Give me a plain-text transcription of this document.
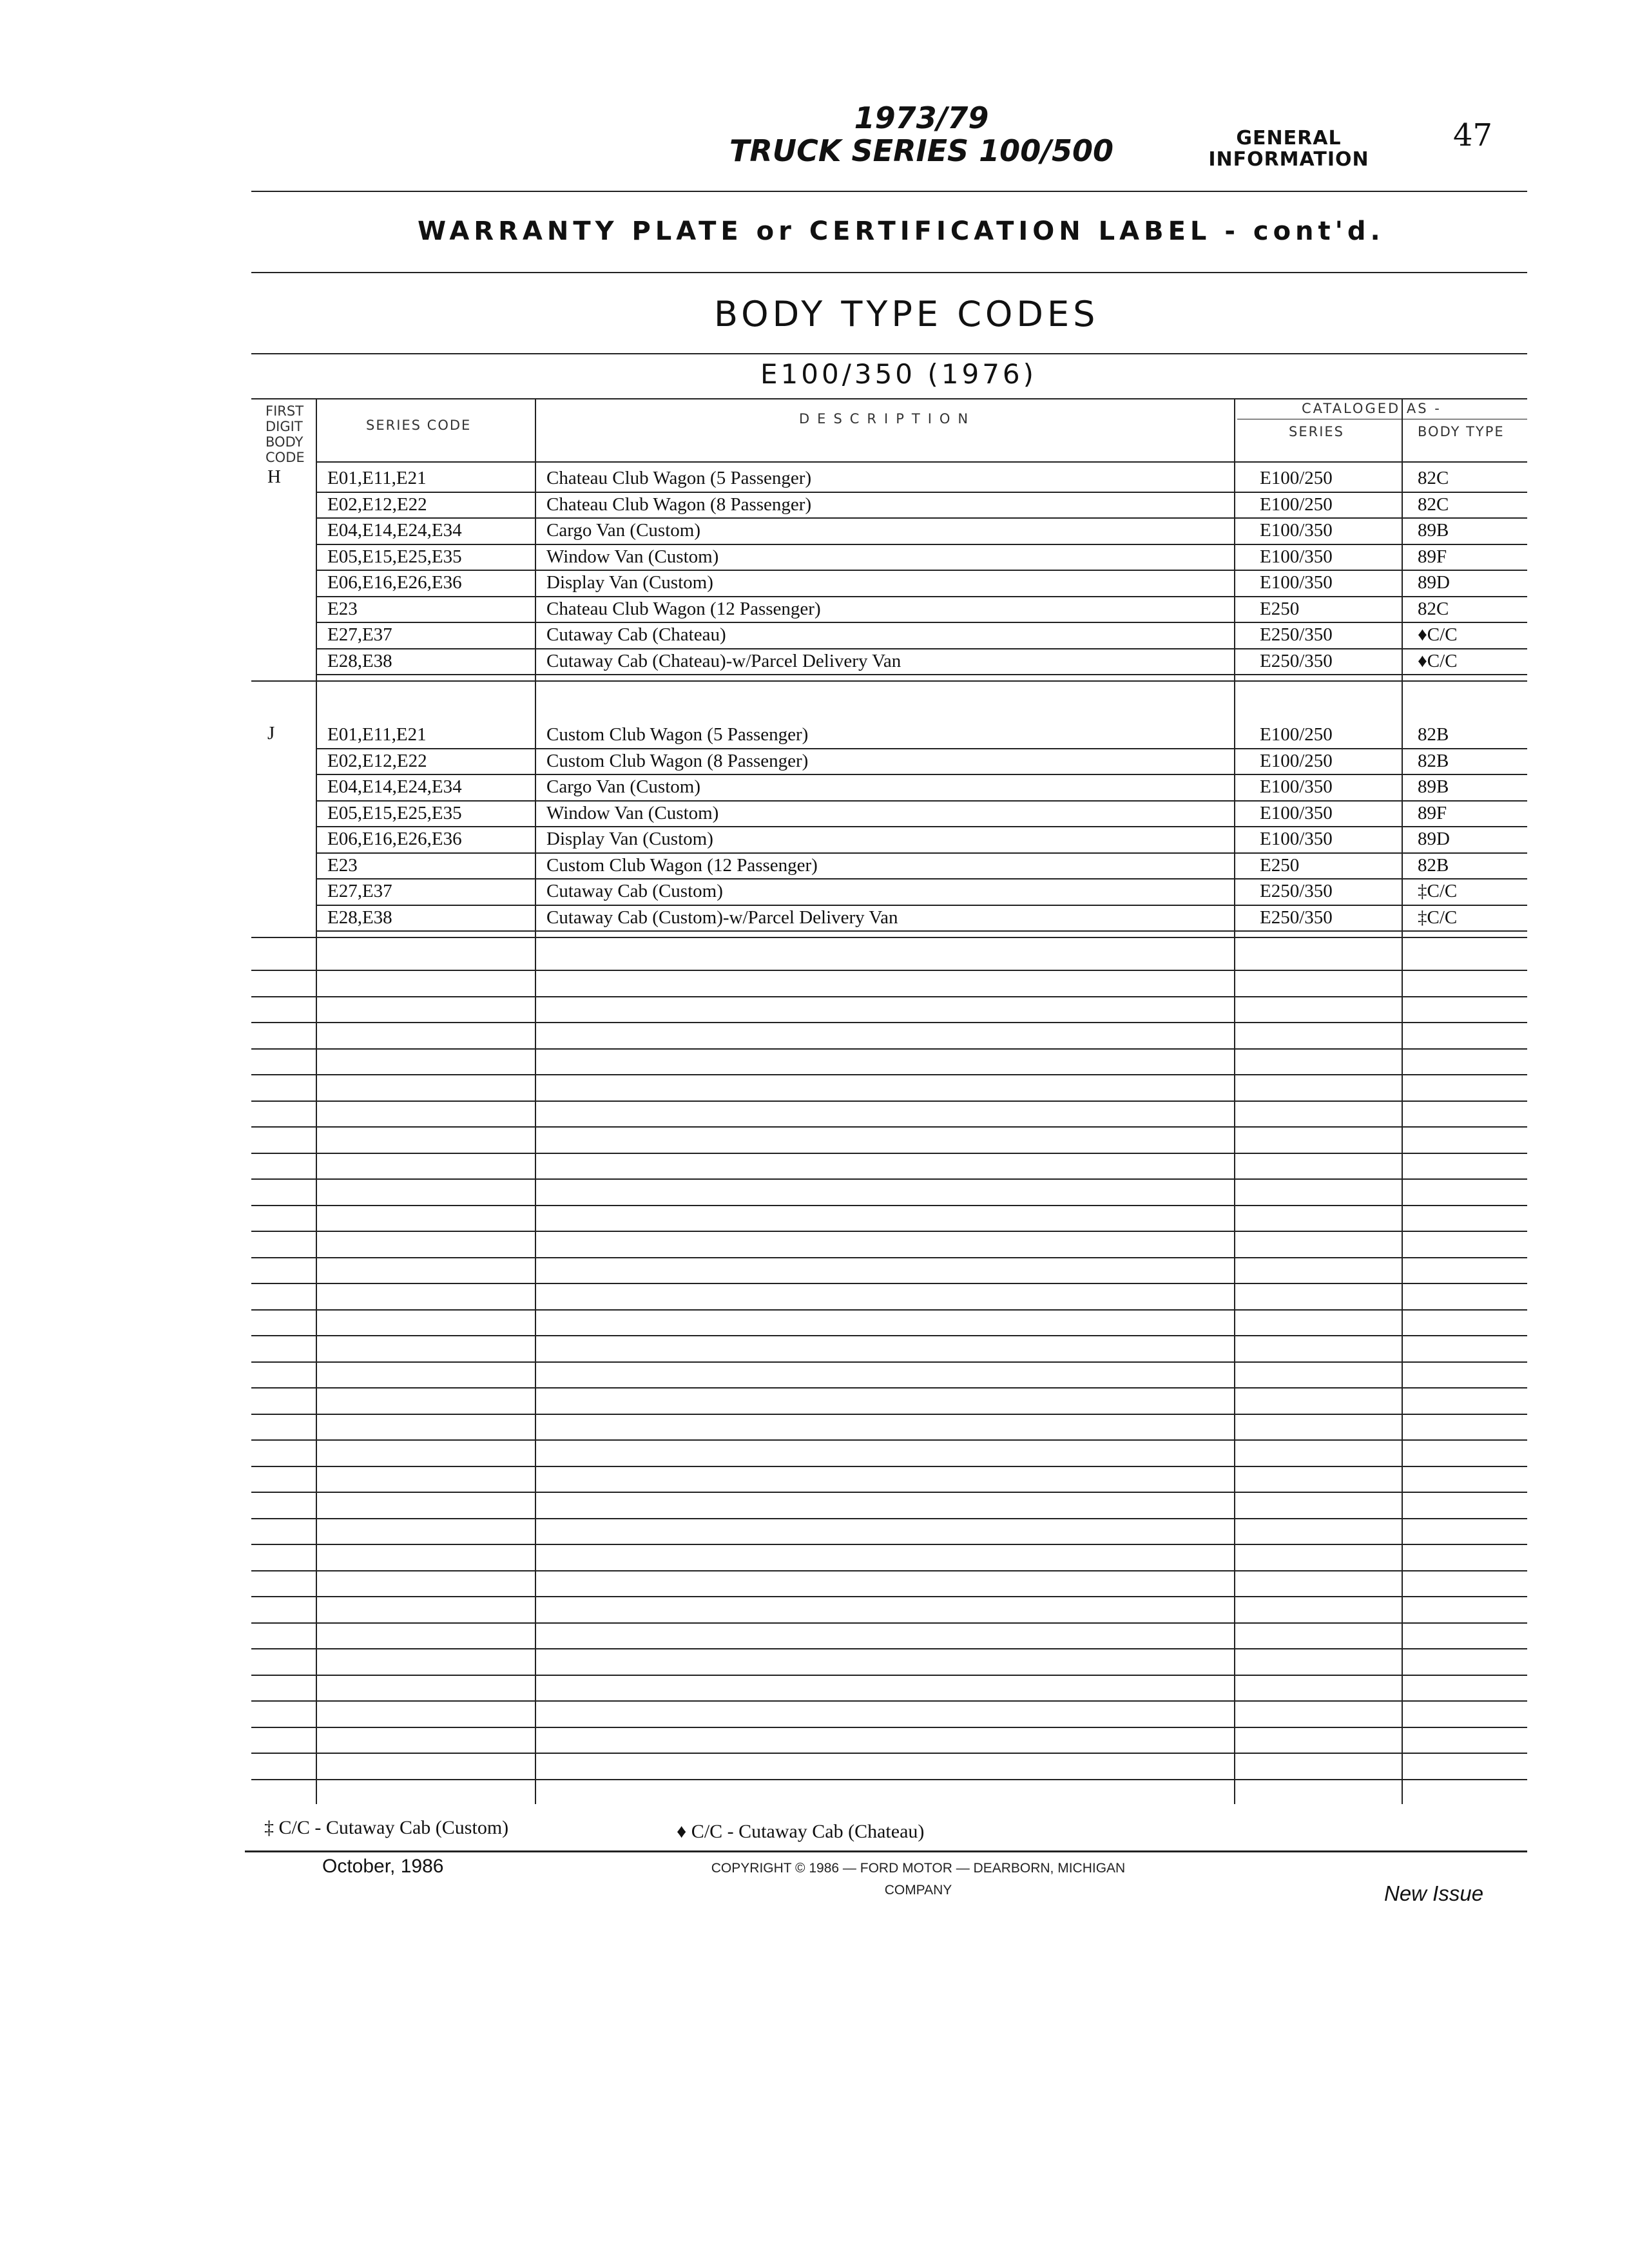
1973/79
TRUCK SERIES 100/500	GENERAL
INFORMATION
47
WARRANTY PLATE or CERTIFICATION LABEL - cont'd.
BODY TYPE CODES
E100/350 (1976)
FIRST
DIGIT
BODY
CODE
SERIES CODE	DESCRIPTION
CATALOGED AS -
SERIES	BODY TYPE
H E01,E11,E21	Chateau Club Wagon (5 Passenger)	E100/250	82C
E02,E12,E22	Chateau Club Wagon (8 Passenger)	E100/250	82C
E04,E14,E24,E34	Cargo Van (Custom)	E100/350	89B
E05,E15,E25,E35	Window Van (Custom)	E100/350	89F
E06,E16,E26,E36	Display Van (Custom)	E100/350	89D
E23	Chateau Club Wagon (12 Passenger)	E250	82C
E27,E37	Cutaway Cab (Chateau)	E250/350	♦C/C
E28,E38	Cutaway Cab (Chateau)-w/Parcel Delivery Van	E250/350	♦C/C
J	E01,E11,E21	Custom Club Wagon (5 Passenger)	E100/250	82B
E02,E12,E22	Custom Club Wagon (8 Passenger)	E100/250	82B
E04,E14,E24,E34	Cargo Van (Custom)	E100/350	89B
E05,E15,E25,E35	Window Van (Custom)	E100/350	89F
E06,E16,E26,E36	Display Van (Custom)	E100/350	89D
E23	Custom Club Wagon (12 Passenger)	E250	82B
E27,E37	Cutaway Cab (Custom)	E250/350	‡C/C
E28,E38	Cutaway Cab (Custom)-w/Parcel Delivery Van	E250/350	‡C/C
‡ C/C - Cutaway Cab (Custom)	♦ C/C - Cutaway Cab (Chateau)
October, 1986	COPYRIGHT © 1986 — FORD MOTOR — DEARBORN, MICHIGAN
COMPANY	New Issue
